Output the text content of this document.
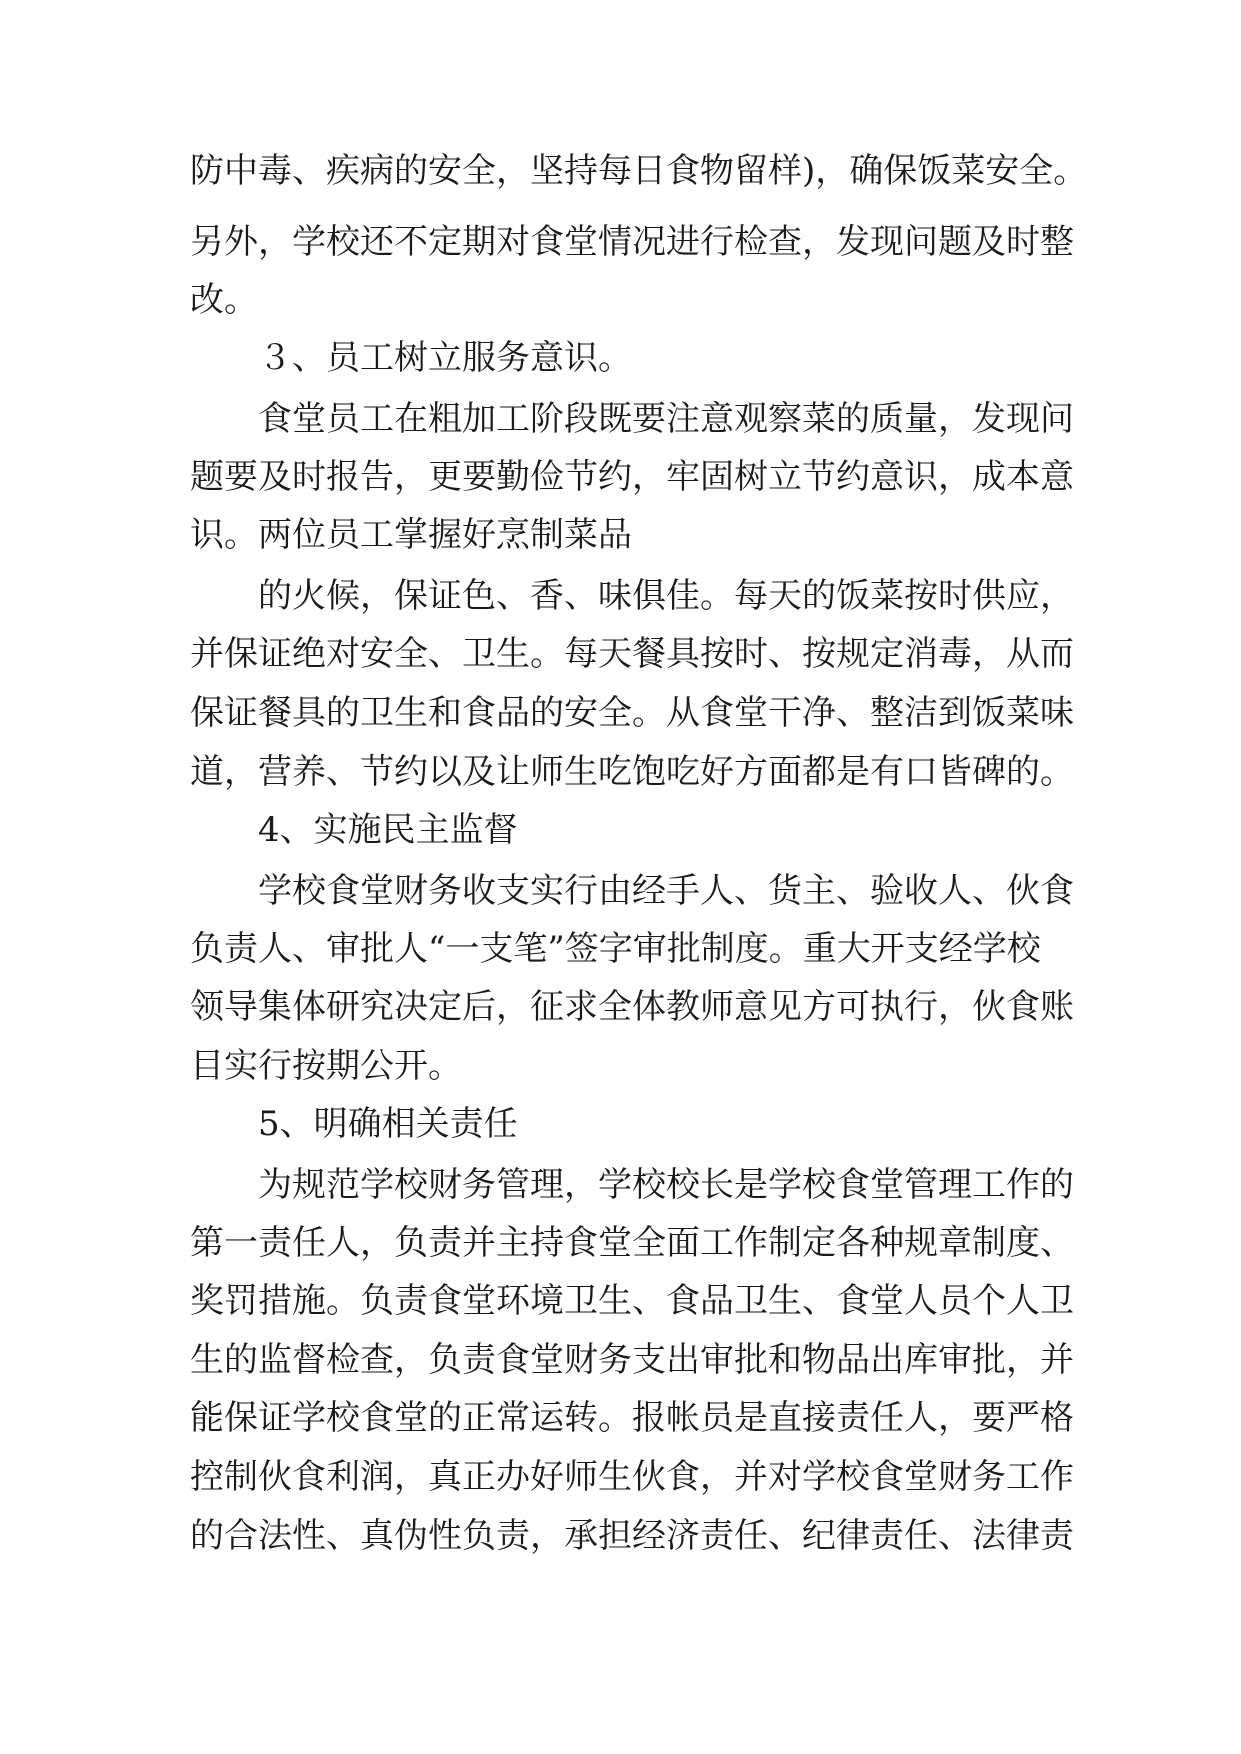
防中毒、疾病的安全，坚持每日食物留样)，确保饭菜安全。
另外，学校还不定期对食堂情况进行检查，发现问题及时整
改。
３、员工树立服务意识。
食堂员工在粗加工阶段既要注意观察菜的质量，发现问
题要及时报告，更要勤俭节约，牢固树立节约意识，成本意
识。两位员工掌握好烹制菜品
的火候，保证色、香、味俱佳。每天的饭菜按时供应，
并保证绝对安全、卫生。每天餐具按时、按规定消毒，从而
保证餐具的卫生和食品的安全。从食堂干净、整洁到饭菜味
道，营养、节约以及让师生吃饱吃好方面都是有口皆碑的。
4、实施民主监督
学校食堂财务收支实行由经手人、货主、验收人、伙食
负责人、审批人“一支笔”签字审批制度。重大开支经学校
领导集体研究决定后，征求全体教师意见方可执行，伙食账
目实行按期公开。
5、明确相关责任
为规范学校财务管理，学校校长是学校食堂管理工作的
第一责任人，负责并主持食堂全面工作制定各种规章制度、
奖罚措施。负责食堂环境卫生、食品卫生、食堂人员个人卫
生的监督检查，负责食堂财务支出审批和物品出库审批，并
能保证学校食堂的正常运转。报帐员是直接责任人，要严格
控制伙食利润，真正办好师生伙食，并对学校食堂财务工作
的合法性、真伪性负责，承担经济责任、纪律责任、法律责
